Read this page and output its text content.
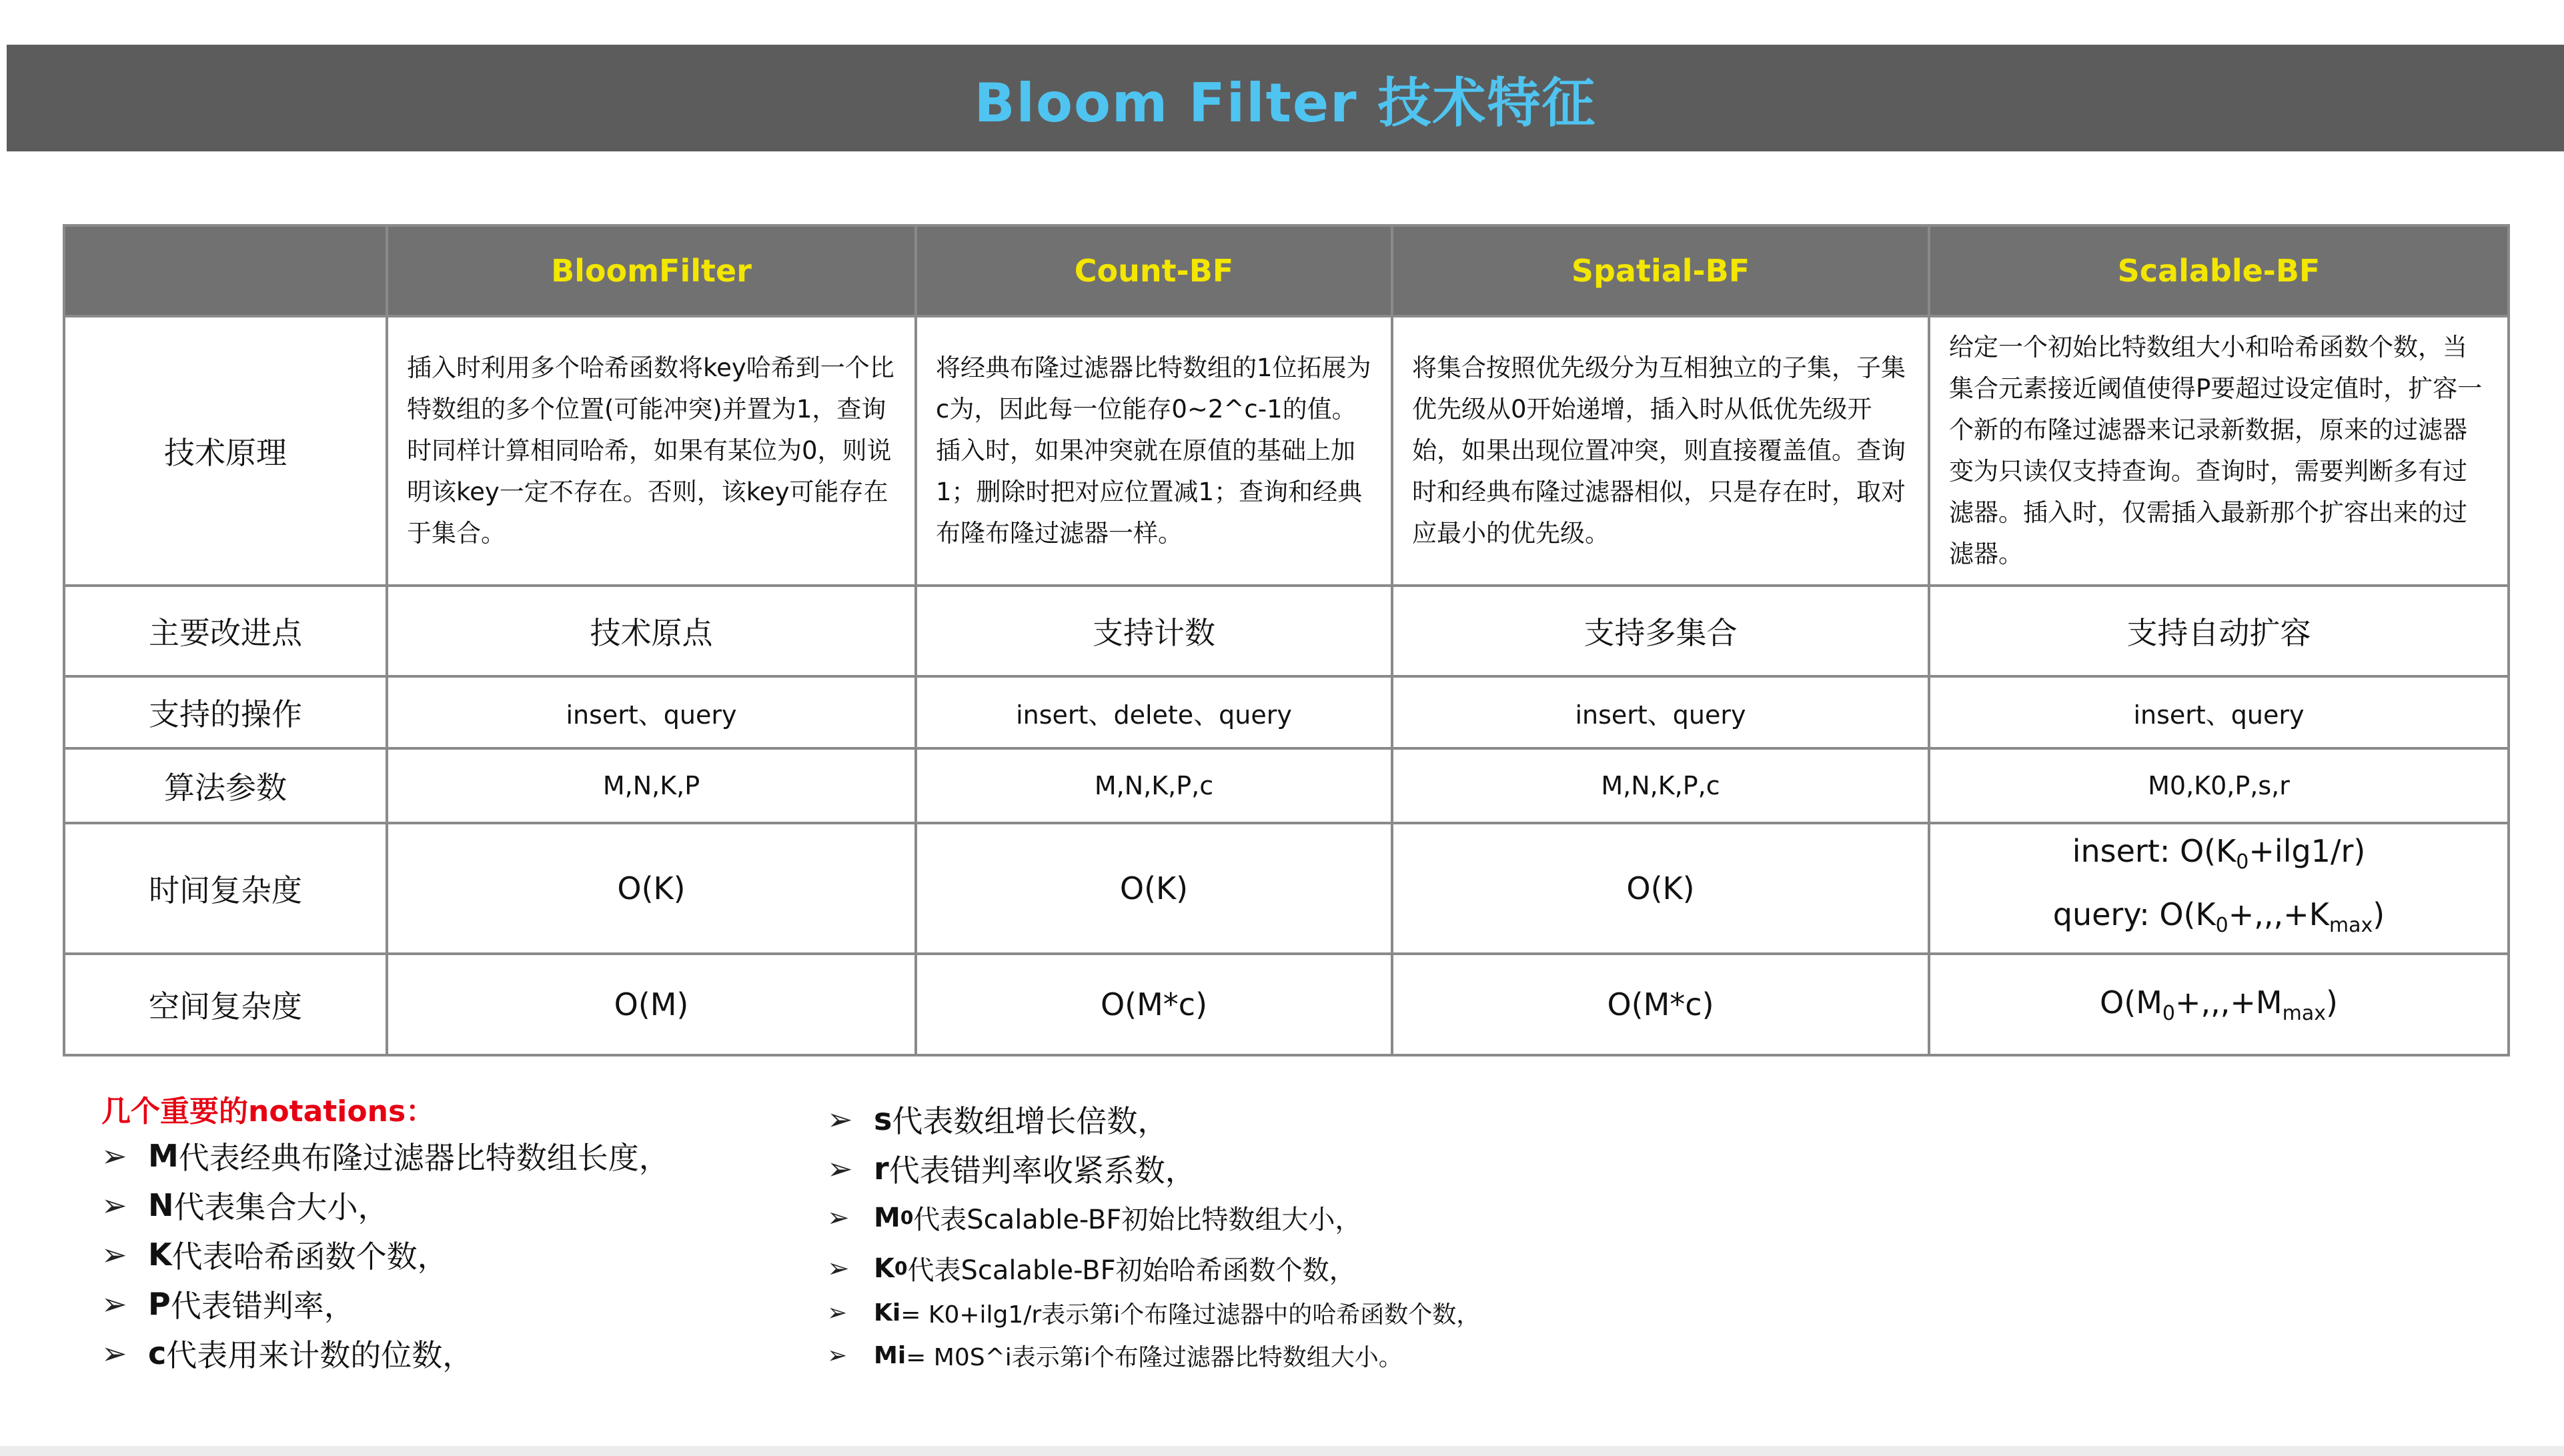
Bloom Filter 技术特征
	BloomFilter	Count-BF	Spatial-BF	Scalable-BF
技术原理	插入时利用多个哈希函数将key哈希到一个比特数组的多个位置(可能冲突)并置为1，查询时同样计算相同哈希，如果有某位为0，则说明该key一定不存在。否则，该key可能存在于集合。	将经典布隆过滤器比特数组的1位拓展为c为，因此每一位能存0~2^c-1的值。插入时，如果冲突就在原值的基础上加1；删除时把对应位置减1；查询和经典布隆布隆过滤器一样。	将集合按照优先级分为互相独立的子集，子集优先级从0开始递增，插入时从低优先级开始，如果出现位置冲突，则直接覆盖值。查询时和经典布隆过滤器相似，只是存在时，取对应最小的优先级。	给定一个初始比特数组大小和哈希函数个数，当集合元素接近阈值使得P要超过设定值时，扩容一个新的布隆过滤器来记录新数据，原来的过滤器变为只读仅支持查询。查询时，需要判断多有过滤器。插入时，仅需插入最新那个扩容出来的过滤器。
主要改进点	技术原点	支持计数	支持多集合	支持自动扩容
支持的操作	insert、query	insert、delete、query	insert、query	insert、query
算法参数	M,N,K,P	M,N,K,P,c	M,N,K,P,c	M0,K0,P,s,r
时间复杂度	O(K)	O(K)	O(K)	insert: $O(K_0+ilg1/r)$
query: $O(K_0+,,,+K_{max})$

空间复杂度	O(M)	O(M*c)	O(M*c)	$O(M_0+,,,+M_{max})$
几个重要的notations：
➢ M 代表经典布隆过滤器比特数组长度，
➢ N 代表集合大小，
➢ K 代表哈希函数个数，
➢ P 代表错判率，
➢ c 代表用来计数的位数，
➢ s 代表数组增长倍数，
➢ r 代表错判率收紧系数，
➢ M 0 代表Scalable-BF初始比特数组大小，
➢ K 0 代表Scalable-BF初始哈希函数个数，
➢	Ki = K0+ilg1/r表示第i个布隆过滤器中的哈希函数个数，
➢	Mi = M0S^i表示第i个布隆过滤器比特数组大小。
